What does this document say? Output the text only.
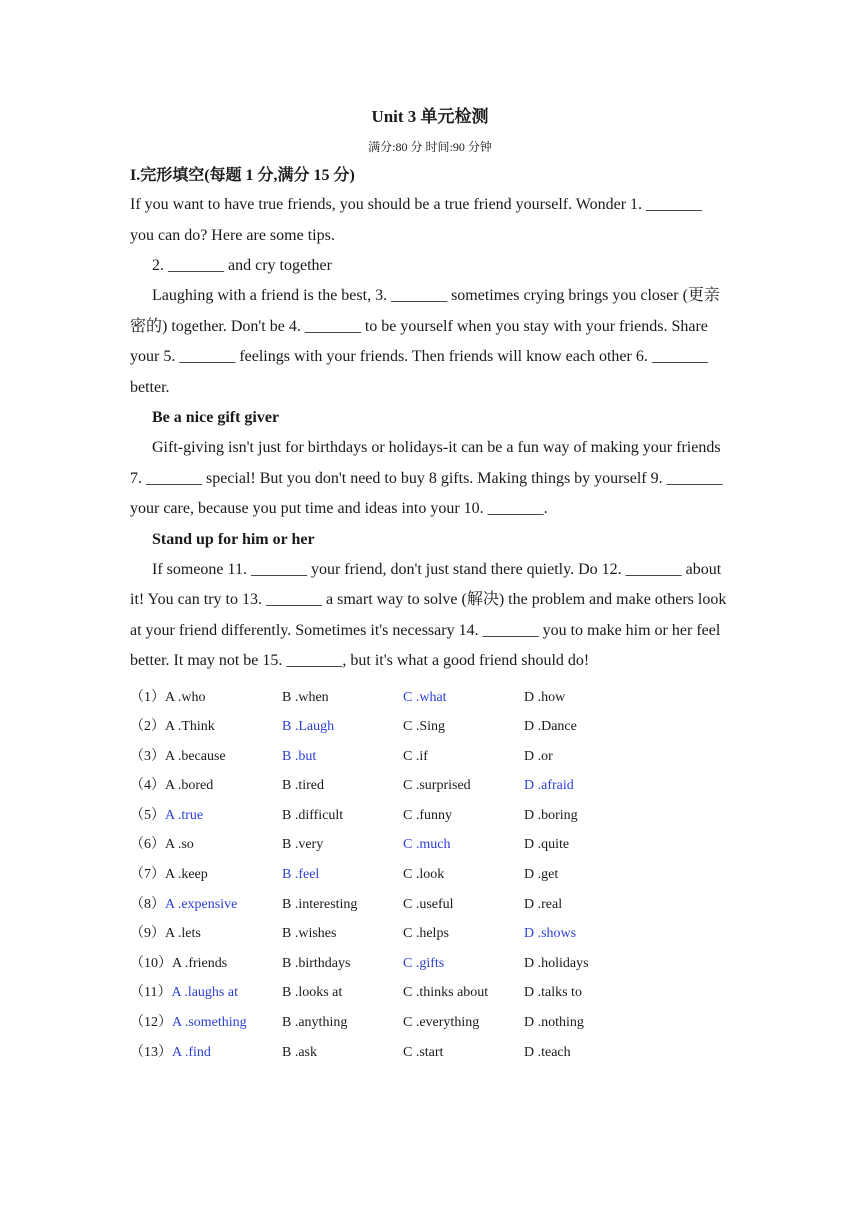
Unit 3 单元检测
满分:80 分 时间:90 分钟
I.完形填空(每题 1 分,满分 15 分)

If you want to have true friends, you should be a true friend yourself. Wonder 1. _______ you can do? Here are some tips.

2. _______ and cry together

Laughing with a friend is the best, 3. _______ sometimes crying brings you closer (更亲密的) together. Don't be 4. _______ to be yourself when you stay with your friends. Share your 5. _______ feelings with your friends. Then friends will know each other 6. _______ better.

Be a nice gift giver

Gift-giving isn't just for birthdays or holidays-it can be a fun way of making your friends 7. _______ special! But you don't need to buy 8 gifts. Making things by yourself 9. _______ your care, because you put time and ideas into your 10. _______.

Stand up for him or her

If someone 11. _______ your friend, don't just stand there quietly. Do 12. _______ about it! You can try to 13. _______ a smart way to solve (解决) the problem and make others look at your friend differently. Sometimes it's necessary 14. _______ you to make him or her feel better. It may not be 15. _______, but it's what a good friend should do!

（1）A .who	B .when	C .what	D .how
（2）A .Think	B .Laugh	C .Sing	D .Dance
（3）A .because	B .but	C .if	D .or
（4）A .bored	B .tired	C .surprised	D .afraid
（5）A .true	B .difficult	C .funny	D .boring
（6）A .so	B .very	C .much	D .quite
（7）A .keep	B .feel	C .look	D .get
（8）A .expensive	B .interesting	C .useful	D .real
（9）A .lets	B .wishes	C .helps	D .shows
（10）A .friends	B .birthdays	C .gifts	D .holidays
（11）A .laughs at	B .looks at	C .thinks about	D .talks to
（12）A .something	B .anything	C .everything	D .nothing
（13）A .find	B .ask	C .start	D .teach
